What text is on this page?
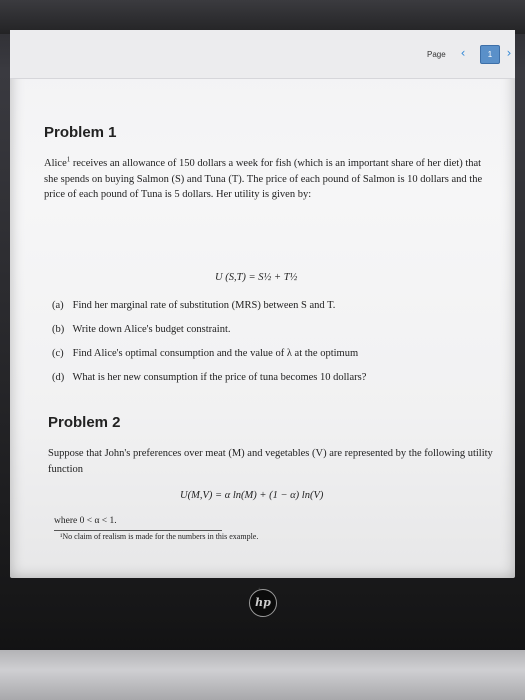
Page	‹	1	›
Problem 1
Alice$^1$ receives an allowance of 150 dollars a week for fish (which is an important share of her diet) that she spends on buying Salmon (S) and Tuna (T). The price of each pound of Salmon is 10 dollars and the price of each pound of Tuna is 5 dollars. Her utility is given by:
U (S,T) = S½ + T½
(a) Find her marginal rate of substitution (MRS) between S and T.
(b) Write down Alice's budget constraint.
(c) Find Alice's optimal consumption and the value of λ at the optimum
(d) What is her new consumption if the price of tuna becomes 10 dollars?
Problem 2
Suppose that John's preferences over meat (M) and vegetables (V) are represented by the following utility function
U(M,V) = α ln(M) + (1 − α) ln(V)
where 0 < α < 1.
¹No claim of realism is made for the numbers in this example.
hp
